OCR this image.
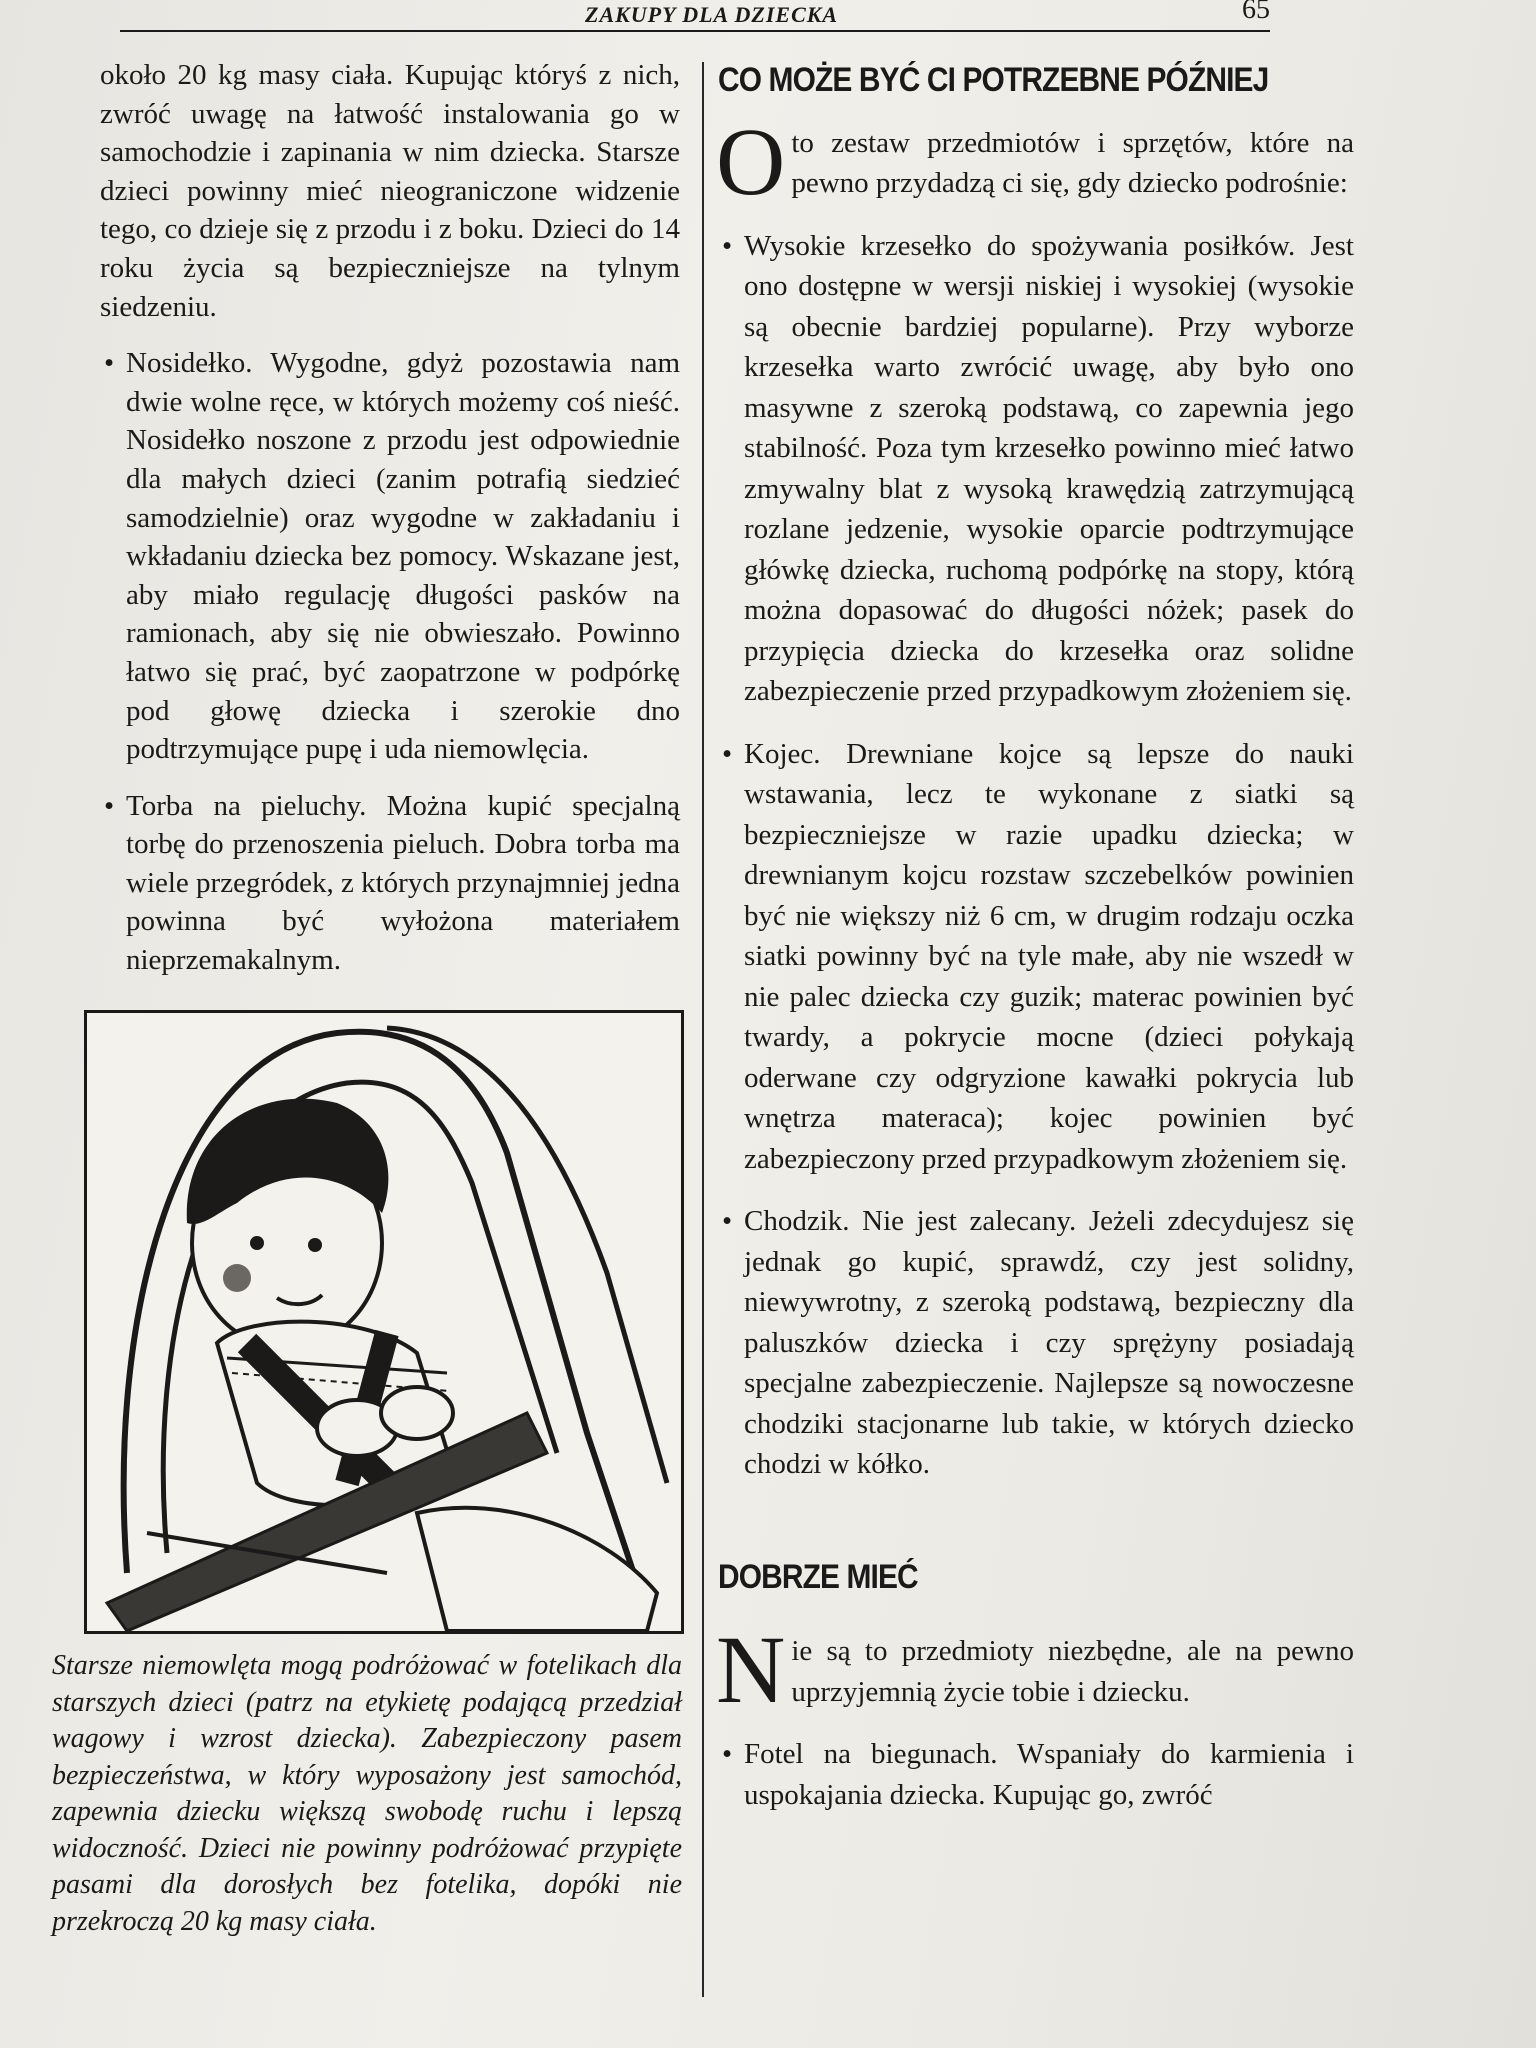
ZAKUPY DLA DZIECKA	65

około 20 kg masy ciała. Kupując któryś z nich, zwróć uwagę na łatwość instalowania go w samochodzie i zapinania w nim dziecka. Starsze dzieci powinny mieć nieograniczone widzenie tego, co dzieje się z przodu i z boku. Dzieci do 14 roku życia są bezpieczniejsze na tylnym siedzeniu.

• Nosidełko. Wygodne, gdyż pozostawia nam dwie wolne ręce, w których możemy coś nieść. Nosidełko noszone z przodu jest odpowiednie dla małych dzieci (zanim potrafią siedzieć samodzielnie) oraz wygodne w zakładaniu i wkładaniu dziecka bez pomocy. Wskazane jest, aby miało regulację długości pasków na ramionach, aby się nie obwieszało. Powinno łatwo się prać, być zaopatrzone w podpórkę pod głowę dziecka i szerokie dno podtrzymujące pupę i uda niemowlęcia.

• Torba na pieluchy. Można kupić specjalną torbę do przenoszenia pieluch. Dobra torba ma wiele przegródek, z których przynajmniej jedna powinna być wyłożona materiałem nieprzemakalnym.

Starsze niemowlęta mogą podróżować w fotelikach dla starszych dzieci (patrz na etykietę podającą przedział wagowy i wzrost dziecka). Zabezpieczony pasem bezpieczeństwa, w który wyposażony jest samochód, zapewnia dziecku większą swobodę ruchu i lepszą widoczność. Dzieci nie powinny podróżować przypięte pasami dla dorosłych bez fotelika, dopóki nie przekroczą 20 kg masy ciała.

CO MOŻE BYĆ CI POTRZEBNE PÓŹNIEJ

Oto zestaw przedmiotów i sprzętów, które na pewno przydadzą ci się, gdy dziecko podrośnie:

• Wysokie krzesełko do spożywania posiłków. Jest ono dostępne w wersji niskiej i wysokiej (wysokie są obecnie bardziej popularne). Przy wyborze krzesełka warto zwrócić uwagę, aby było ono masywne z szeroką podstawą, co zapewnia jego stabilność. Poza tym krzesełko powinno mieć łatwo zmywalny blat z wysoką krawędzią zatrzymującą rozlane jedzenie, wysokie oparcie podtrzymujące główkę dziecka, ruchomą podpórkę na stopy, którą można dopasować do długości nóżek; pasek do przypięcia dziecka do krzesełka oraz solidne zabezpieczenie przed przypadkowym złożeniem się.

• Kojec. Drewniane kojce są lepsze do nauki wstawania, lecz te wykonane z siatki są bezpieczniejsze w razie upadku dziecka; w drewnianym kojcu rozstaw szczebelków powinien być nie większy niż 6 cm, w drugim rodzaju oczka siatki powinny być na tyle małe, aby nie wszedł w nie palec dziecka czy guzik; materac powinien być twardy, a pokrycie mocne (dzieci połykają oderwane czy odgryzione kawałki pokrycia lub wnętrza materaca); kojec powinien być zabezpieczony przed przypadkowym złożeniem się.

• Chodzik. Nie jest zalecany. Jeżeli zdecydujesz się jednak go kupić, sprawdź, czy jest solidny, niewywrotny, z szeroką podstawą, bezpieczny dla paluszków dziecka i czy sprężyny posiadają specjalne zabezpieczenie. Najlepsze są nowoczesne chodziki stacjonarne lub takie, w których dziecko chodzi w kółko.

DOBRZE MIEĆ

Nie są to przedmioty niezbędne, ale na pewno uprzyjemnią życie tobie i dziecku.

• Fotel na biegunach. Wspaniały do karmienia i uspokajania dziecka. Kupując go, zwróć
